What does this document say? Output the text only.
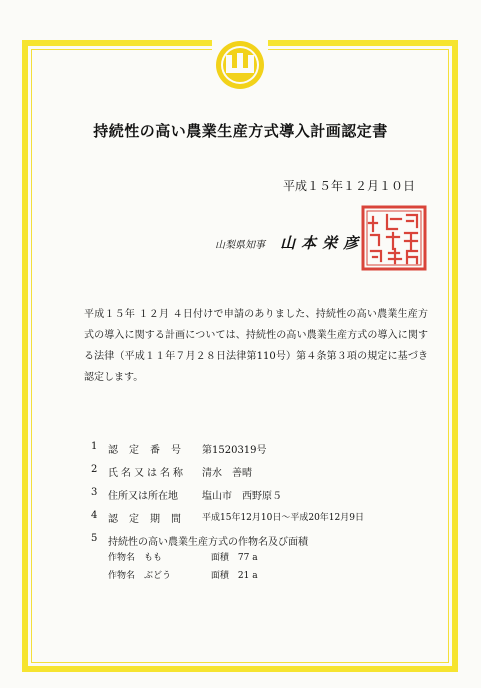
持続性の高い農業生産方式導入計画認定書
平成１５年１２月１０日
山梨県知事 山本栄彦
平成１５年 １２月 ４日付けで申請のありました、持続性の高い農業生産方式の導入に関する計画については、持続性の高い農業生産方式の導入に関する法律（平成１１年７月２８日法律第110号）第４条第３項の規定に基づき認定します。
1 認定番号 第1520319号
2 氏名又は名称 清水　善晴
3 住所又は所在地	塩山市　西野原５
4 認定期間 平成15年12月10日～平成20年12月9日
5 持続性の高い農業生産方式の作物名及び面積
作物名　もも	面積　77 a
作物名　ぶどう	面積　21 a
